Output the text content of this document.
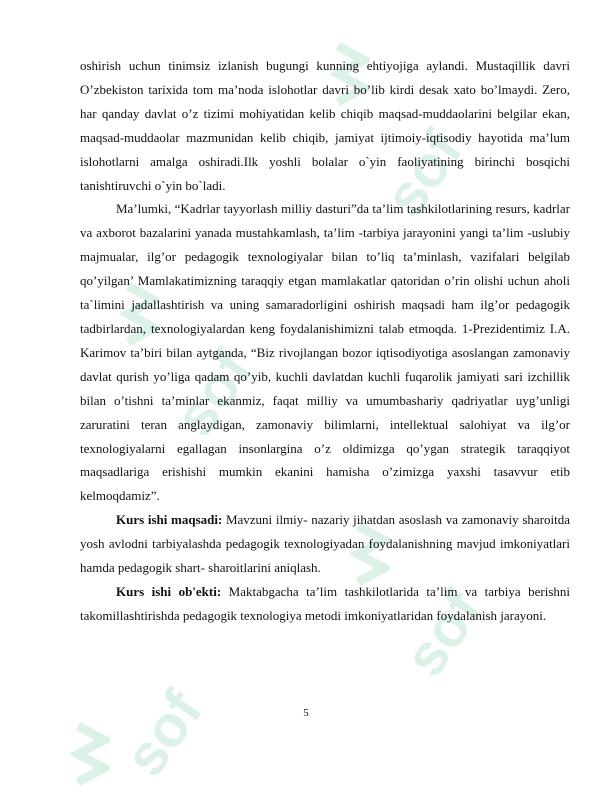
sof
sof
sof
sof

oshirish uchun tinimsiz izlanish bugungi kunning ehtiyojiga aylandi. Mustaqillik davri O’zbekiston tarixida tom ma’noda islohotlar davri bo’lib kirdi desak xato bo’lmaydi. Zero, har qanday davlat o’z tizimi mohiyatidan kelib chiqib maqsad-muddaolarini belgilar ekan, maqsad-muddaolar mazmunidan kelib chiqib, jamiyat ijtimoiy-iqtisodiy hayotida ma’lum islohotlarni amalga oshiradi.Ilk yoshli bolalar o`yin faoliyatining birinchi bosqichi tanishtiruvchi o`yin bo`ladi.

Ma’lumki, “Kadrlar tayyorlash milliy dasturi”da ta’lim tashkilotlarining resurs, kadrlar va axborot bazalarini yanada mustahkamlash, ta’lim -tarbiya jarayonini yangi ta’lim -uslubiy majmualar, ilg’or pedagogik texnologiyalar bilan to’liq ta’minlash, vazifalari belgilab qo’yilgan’ Mamlakatimizning taraqqiy etgan mamlakatlar qatoridan o’rin olishi uchun aholi ta`limini jadallashtirish va uning samaradorligini oshirish maqsadi ham ilg’or pedagogik tadbirlardan, texnologiyalardan keng foydalanishimizni talab etmoqda. 1-Prezidentimiz I.A. Karimov ta’biri bilan aytganda, “Biz rivojlangan bozor iqtisodiyotiga asoslangan zamonaviy davlat qurish yo’liga qadam qo’yib, kuchli davlatdan kuchli fuqarolik jamiyati sari izchillik bilan o’tishni ta’minlar ekanmiz, faqat milliy va umumbashariy qadriyatlar uyg’unligi zaruratini teran anglaydigan, zamonaviy bilimlarni, intellektual salohiyat va ilg’or texnologiyalarni egallagan insonlargina o’z oldimizga qo’ygan strategik taraqqiyot maqsadlariga erishishi mumkin ekanini hamisha o’zimizga yaxshi tasavvur etib kelmoqdamiz”.

Kurs ishi maqsadi: Mavzuni ilmiy- nazariy jihatdan asoslash va zamonaviy sharoitda yosh avlodni tarbiyalashda pedagogik texnologiyadan foydalanishning mavjud imkoniyatlari hamda pedagogik shart- sharoitlarini aniqlash.

Kurs ishi ob'ekti: Maktabgacha ta’lim tashkilotlarida ta’lim va tarbiya berishni takomillashtirishda pedagogik texnologiya metodi imkoniyatlaridan foydalanish jarayoni.

5
